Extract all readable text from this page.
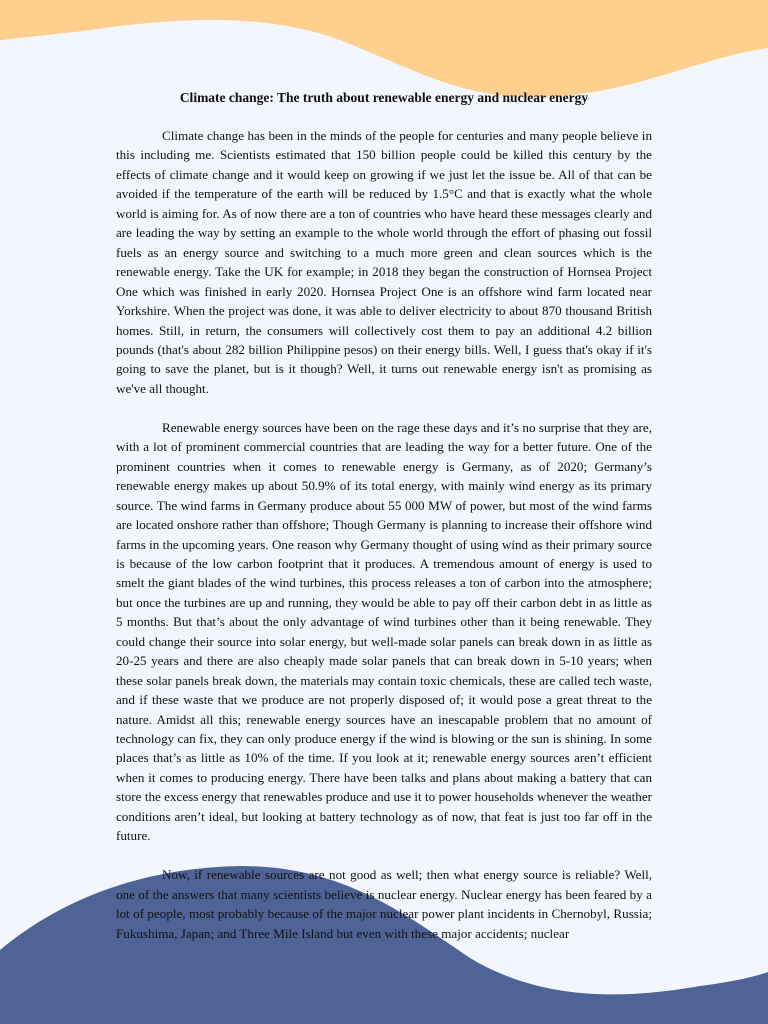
Climate change: The truth about renewable energy and nuclear energy

Climate change has been in the minds of the people for centuries and many people believe in this including me. Scientists estimated that 150 billion people could be killed this century by the effects of climate change and it would keep on growing if we just let the issue be. All of that can be avoided if the temperature of the earth will be reduced by 1.5°C and that is exactly what the whole world is aiming for. As of now there are a ton of countries who have heard these messages clearly and are leading the way by setting an example to the whole world through the effort of phasing out fossil fuels as an energy source and switching to a much more green and clean sources which is the renewable energy. Take the UK for example; in 2018 they began the construction of Hornsea Project One which was finished in early 2020. Hornsea Project One is an offshore wind farm located near Yorkshire. When the project was done, it was able to deliver electricity to about 870 thousand British homes. Still, in return, the consumers will collectively cost them to pay an additional 4.2 billion pounds (that's about 282 billion Philippine pesos) on their energy bills. Well, I guess that's okay if it's going to save the planet, but is it though? Well, it turns out renewable energy isn't as promising as we've all thought.

Renewable energy sources have been on the rage these days and it’s no surprise that they are, with a lot of prominent commercial countries that are leading the way for a better future. One of the prominent countries when it comes to renewable energy is Germany, as of 2020; Germany’s renewable energy makes up about 50.9% of its total energy, with mainly wind energy as its primary source. The wind farms in Germany produce about 55 000 MW of power, but most of the wind farms are located onshore rather than offshore; Though Germany is planning to increase their offshore wind farms in the upcoming years. One reason why Germany thought of using wind as their primary source is because of the low carbon footprint that it produces. A tremendous amount of energy is used to smelt the giant blades of the wind turbines, this process releases a ton of carbon into the atmosphere; but once the turbines are up and running, they would be able to pay off their carbon debt in as little as 5 months. But that’s about the only advantage of wind turbines other than it being renewable. They could change their source into solar energy, but well-made solar panels can break down in as little as 20-25 years and there are also cheaply made solar panels that can break down in 5-10 years; when these solar panels break down, the materials may contain toxic chemicals, these are called tech waste, and if these waste that we produce are not properly disposed of; it would pose a great threat to the nature. Amidst all this; renewable energy sources have an inescapable problem that no amount of technology can fix, they can only produce energy if the wind is blowing or the sun is shining. In some places that’s as little as 10% of the time. If you look at it; renewable energy sources aren’t efficient when it comes to producing energy. There have been talks and plans about making a battery that can store the excess energy that renewables produce and use it to power households whenever the weather conditions aren’t ideal, but looking at battery technology as of now, that feat is just too far off in the future.

Now, if renewable sources are not good as well; then what energy source is reliable? Well, one of the answers that many scientists believe is nuclear energy. Nuclear energy has been feared by a lot of people, most probably because of the major nuclear power plant incidents in Chernobyl, Russia; Fukushima, Japan; and Three Mile Island but even with these major accidents; nuclear
